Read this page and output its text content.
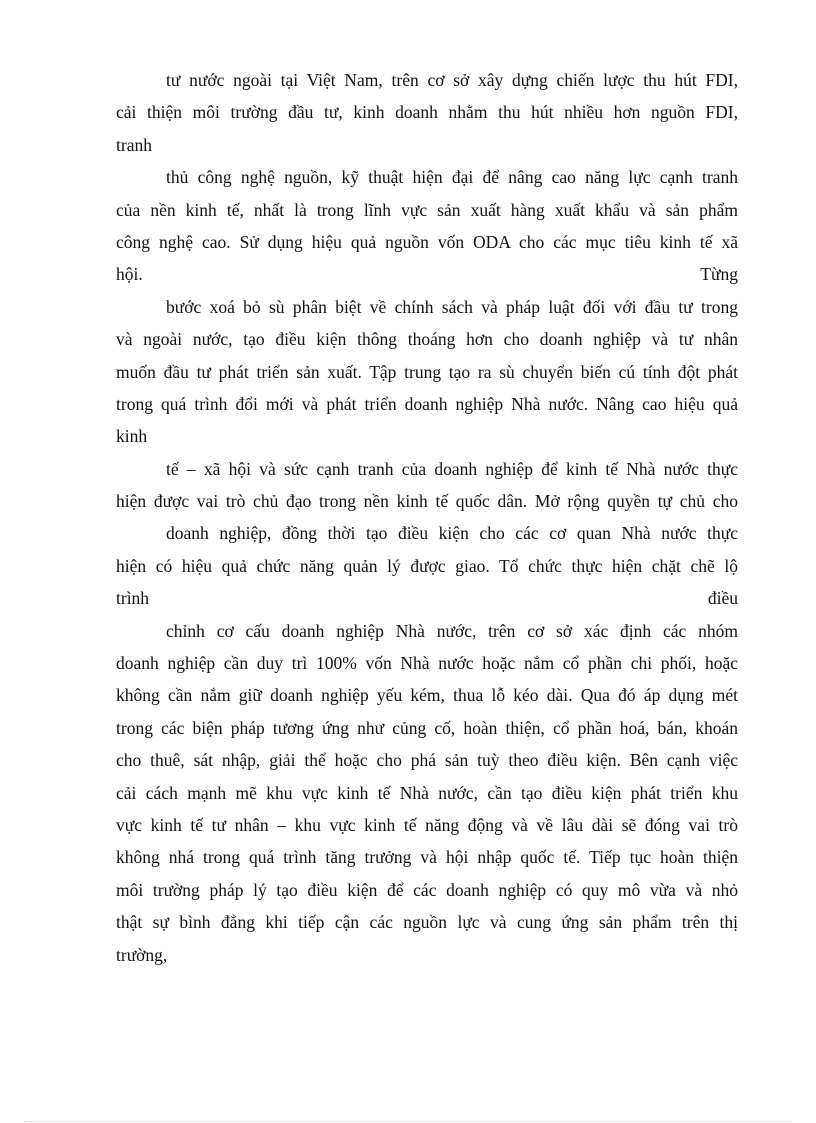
tư nước ngoài tại Việt Nam, trên cơ sở xây dựng chiến lược thu hút FDI,
cải thiện môi trường đầu tư, kinh doanh nhằm thu hút nhiều hơn nguồn FDI,
tranh
thủ công nghệ nguồn, kỹ thuật hiện đại để nâng cao năng lực cạnh tranh
của nền kinh tế, nhất là trong lĩnh vực sản xuất hàng xuất khẩu và sản phẩm
công nghệ cao. Sử dụng hiệu quả nguồn vốn ODA cho các mục tiêu kinh tế xã
hội. Từng
bước xoá bỏ sù phân biệt về chính sách và pháp luật đối với đầu tư trong
và ngoài nước, tạo điều kiện thông thoáng hơn cho doanh nghiệp và tư nhân
muốn đầu tư phát triển sản xuất. Tập trung tạo ra sù chuyển biến cú tính đột phát
trong quá trình đổi mới và phát triển doanh nghiệp Nhà nước. Nâng cao hiệu quả
kinh
tế – xã hội và sức cạnh tranh của doanh nghiệp để kinh tế Nhà nước thực
hiện được vai trò chủ đạo trong nền kinh tế quốc dân. Mở rộng quyền tự chủ cho
doanh nghiệp, đồng thời tạo điều kiện cho các cơ quan Nhà nước thực
hiện có hiệu quả chức năng quản lý được giao. Tổ chức thực hiện chặt chẽ lộ
trình điều
chỉnh cơ cấu doanh nghiệp Nhà nước, trên cơ sở xác định các nhóm
doanh nghiệp cần duy trì 100% vốn Nhà nước hoặc nắm cổ phần chi phối, hoặc
không cần nắm giữ doanh nghiệp yếu kém, thua lỗ kéo dài. Qua đó áp dụng mét
trong các biện pháp tương ứng như củng cố, hoàn thiện, cổ phần hoá, bán, khoán
cho thuê, sát nhập, giải thể hoặc cho phá sản tuỳ theo điều kiện. Bên cạnh việc
cải cách mạnh mẽ khu vực kinh tế Nhà nước, cần tạo điều kiện phát triển khu
vực kinh tế tư nhân – khu vực kinh tế năng động và về lâu dài sẽ đóng vai trò
không nhá trong quá trình tăng trưởng và hội nhập quốc tế. Tiếp tục hoàn thiện
môi trường pháp lý tạo điều kiện để các doanh nghiệp có quy mô vừa và nhỏ
thật sự bình đẳng khi tiếp cận các nguồn lực và cung ứng sản phẩm trên thị
trường,
